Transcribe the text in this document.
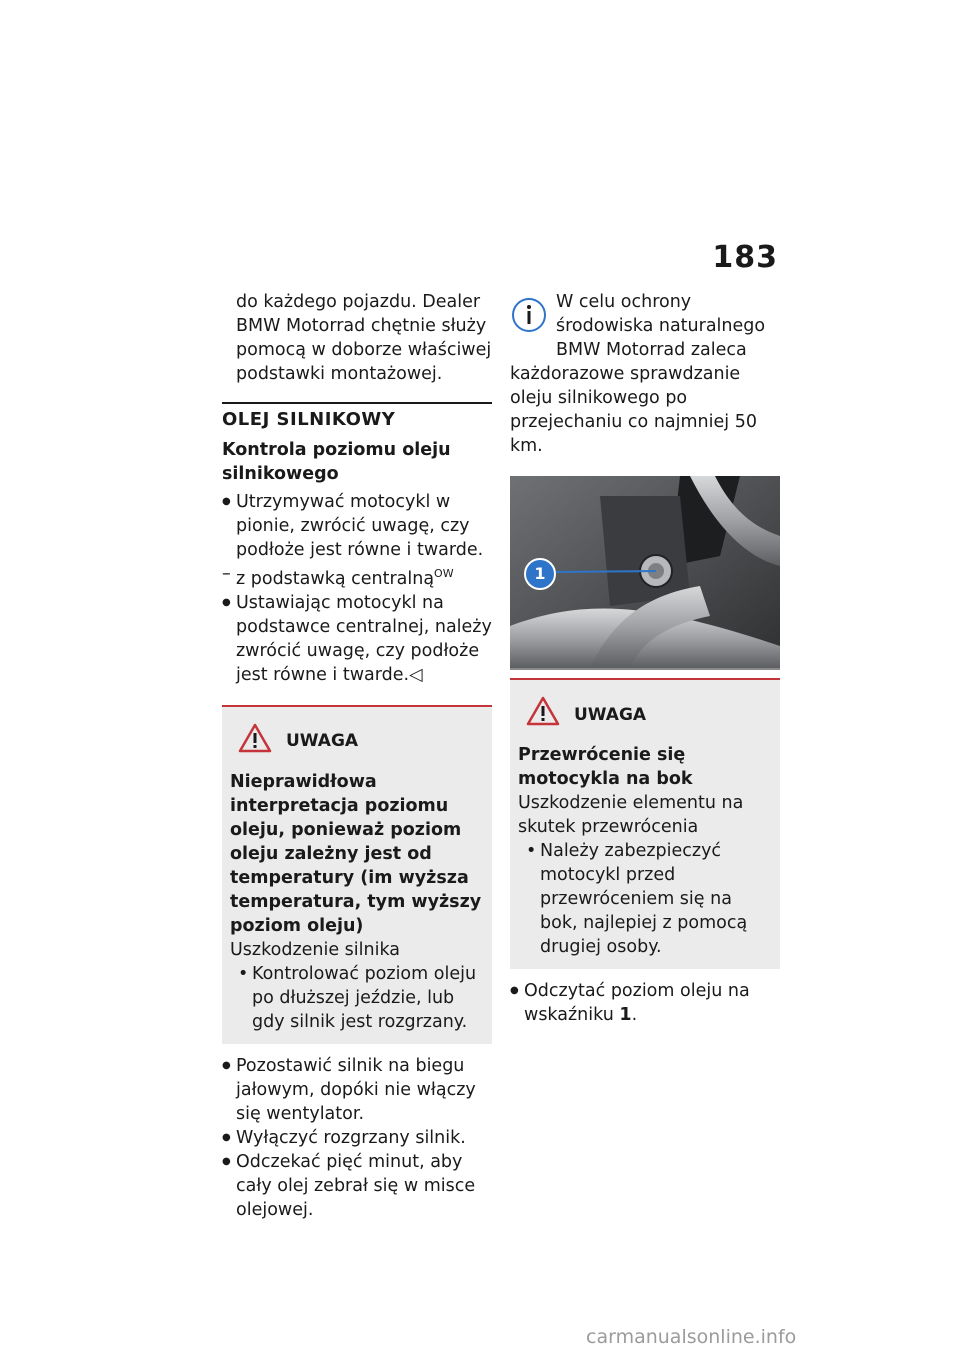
183

do każdego pojazdu. Dealer

BMW Motorrad chętnie służy

pomocą w doborze właściwej

podstawki montażowej.

OLEJ SILNIKOWY

Kontrola poziomu oleju silnikowego

● Utrzymywać motocykl w pionie, zwrócić uwagę, czy podłoże jest równe i twarde.

– z podstawką centralną$^{OW}$

● Ustawiając motocykl na podstawce centralnej, należy zwrócić uwagę, czy podłoże jest równe i twarde.◁

UWAGA

Nieprawidłowa interpretacja poziomu oleju, ponieważ poziom oleju zależny jest od temperatury (im wyższa temperatura, tym wyższy poziom oleju)

Uszkodzenie silnika

• Kontrolować poziom oleju po dłuższej jeździe, lub gdy silnik jest rozgrzany.

● Pozostawić silnik na biegu jałowym, dopóki nie włączy się wentylator.

● Wyłączyć rozgrzany silnik.

● Odczekać pięć minut, aby cały olej zebrał się w misce olejowej.

W celu ochrony środowiska naturalnego BMW Motorrad zaleca każdorazowe sprawdzanie oleju silnikowego po przejechaniu co najmniej 50 km.

1
UWAGA

Przewrócenie się motocykla na bok

Uszkodzenie elementu na skutek przewrócenia

• Należy zabezpieczyć motocykl przed przewróceniem się na bok, najlepiej z pomocą drugiej osoby.

● Odczytać poziom oleju na wskaźniku 1.

carmanualsonline.info
